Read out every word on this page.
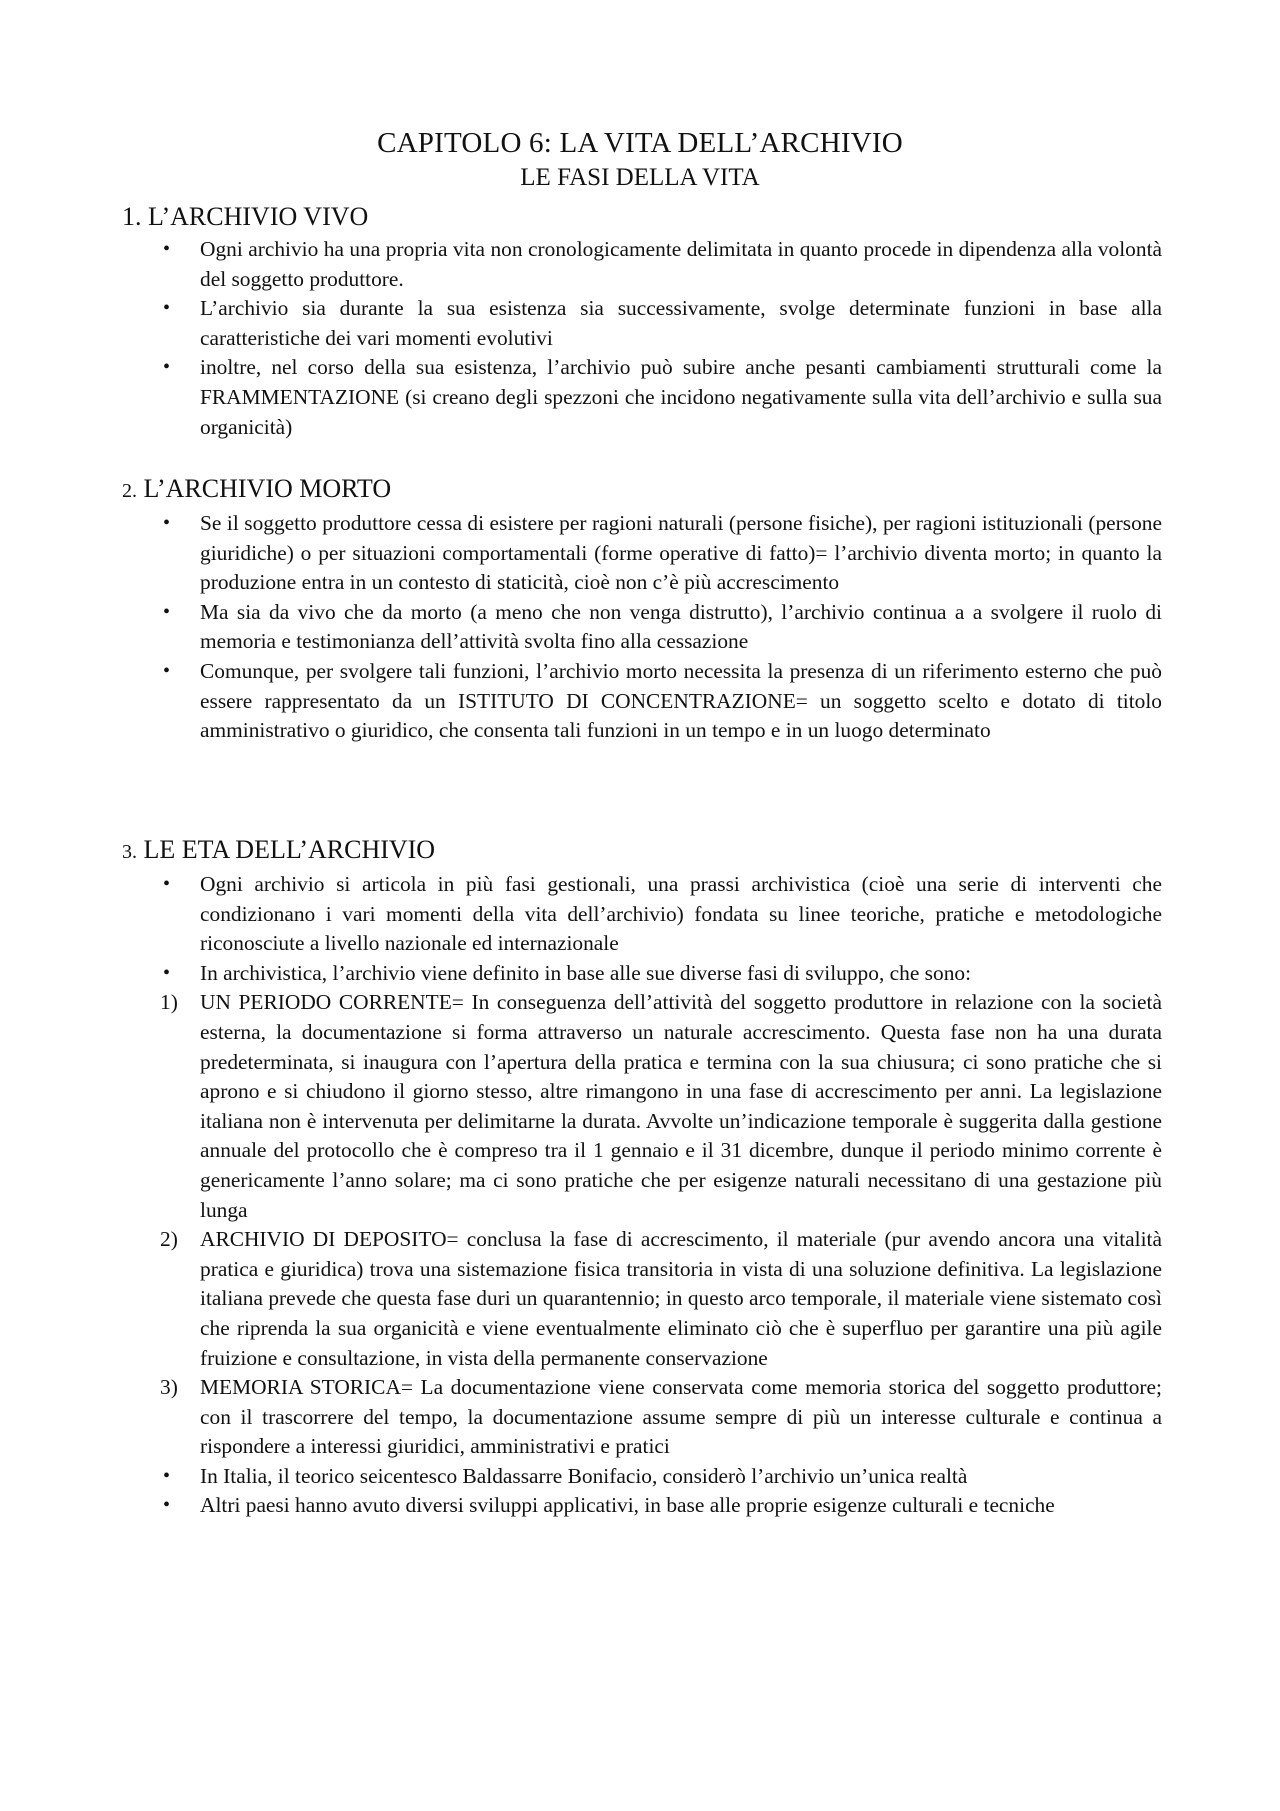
CAPITOLO 6: LA VITA DELL’ARCHIVIO
LE FASI DELLA VITA
1. L’ARCHIVIO VIVO
•	Ogni archivio ha una propria vita non cronologicamente delimitata in quanto procede in dipendenza alla volontà del soggetto produttore.
•	L’archivio sia durante la sua esistenza sia successivamente, svolge determinate funzioni in base alla caratteristiche dei vari momenti evolutivi
•	inoltre, nel corso della sua esistenza, l’archivio può subire anche pesanti cambiamenti strutturali come la FRAMMENTAZIONE (si creano degli spezzoni che incidono negativamente sulla vita dell’archivio e sulla sua organicità)
2. L’ARCHIVIO MORTO
•	Se il soggetto produttore cessa di esistere per ragioni naturali (persone fisiche), per ragioni istituzionali (persone giuridiche) o per situazioni comportamentali (forme operative di fatto)= l’archivio diventa morto; in quanto la produzione entra in un contesto di staticità, cioè non c’è più accrescimento
•	Ma sia da vivo che da morto (a meno che non venga distrutto), l’archivio continua a a svolgere il ruolo di memoria e testimonianza dell’attività svolta fino alla cessazione
•	Comunque, per svolgere tali funzioni, l’archivio morto necessita la presenza di un riferimento esterno che può essere rappresentato da un ISTITUTO DI CONCENTRAZIONE= un soggetto scelto e dotato di titolo amministrativo o giuridico, che consenta tali funzioni in un tempo e in un luogo determinato
3. LE ETA DELL’ARCHIVIO
•	Ogni archivio si articola in più fasi gestionali, una prassi archivistica (cioè una serie di interventi che condizionano i vari momenti della vita dell’archivio) fondata su linee teoriche, pratiche e metodologiche riconosciute a livello nazionale ed internazionale
•	In archivistica, l’archivio viene definito in base alle sue diverse fasi di sviluppo, che sono:
1)	UN PERIODO CORRENTE= In conseguenza dell’attività del soggetto produttore in relazione con la società esterna, la documentazione si forma attraverso un naturale accrescimento. Questa fase non ha una durata predeterminata, si inaugura con l’apertura della pratica e termina con la sua chiusura; ci sono pratiche che si aprono e si chiudono il giorno stesso, altre rimangono in una fase di accrescimento per anni. La legislazione italiana non è intervenuta per delimitarne la durata. Avvolte un’indicazione temporale è suggerita dalla gestione annuale del protocollo che è compreso tra il 1 gennaio e il 31 dicembre, dunque il periodo minimo corrente è genericamente l’anno solare; ma ci sono pratiche che per esigenze naturali necessitano di una gestazione più lunga
2)	ARCHIVIO DI DEPOSITO= conclusa la fase di accrescimento, il materiale (pur avendo ancora una vitalità pratica e giuridica) trova una sistemazione fisica transitoria in vista di una soluzione definitiva. La legislazione italiana prevede che questa fase duri un quarantennio; in questo arco temporale, il materiale viene sistemato così che riprenda la sua organicità e viene eventualmente eliminato ciò che è superfluo per garantire una più agile fruizione e consultazione, in vista della permanente conservazione
3)	MEMORIA STORICA= La documentazione viene conservata come memoria storica del soggetto produttore; con il trascorrere del tempo, la documentazione assume sempre di più un interesse culturale e continua a rispondere a interessi giuridici, amministrativi e pratici
•	In Italia, il teorico seicentesco Baldassarre Bonifacio, considerò l’archivio un’unica realtà
•	Altri paesi hanno avuto diversi sviluppi applicativi, in base alle proprie esigenze culturali e tecniche
